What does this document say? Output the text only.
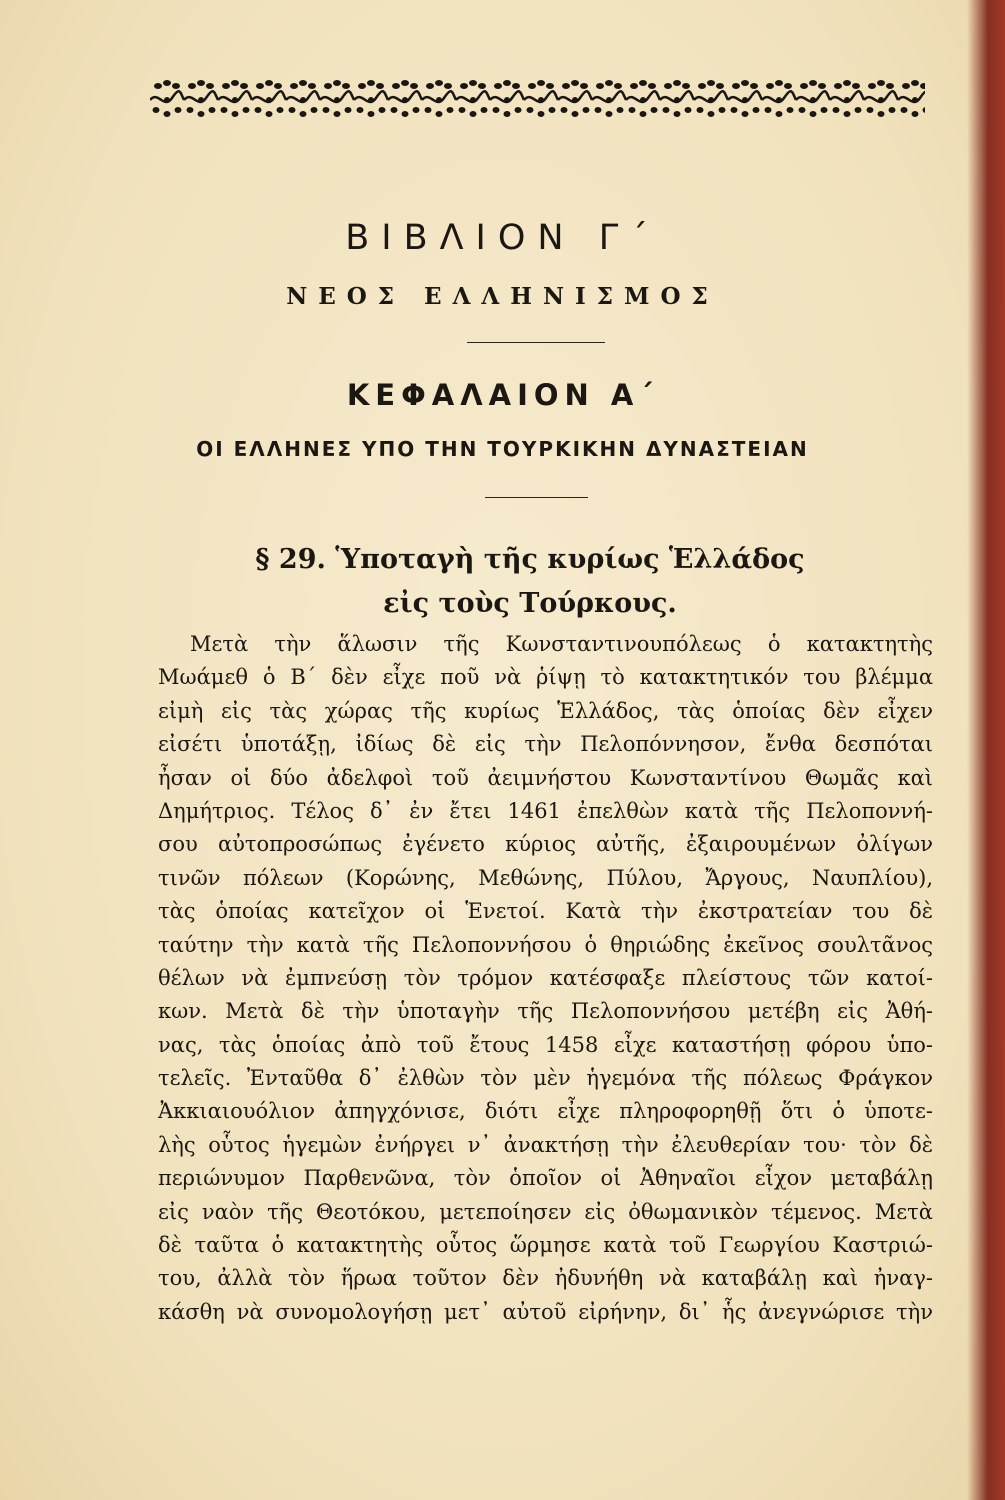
ΒΙΒΛΙΟΝ Γ΄
ΝΕΟΣ ΕΛΛΗΝΙΣΜΟΣ
ΚΕΦΑΛΑΙΟΝ Α΄
ΟΙ ΕΛΛΗΝΕΣ ΥΠΟ ΤΗΝ ΤΟΥΡΚΙΚΗΝ ΔΥΝΑΣΤΕΙΑΝ
§ 29. Ὑποταγὴ τῆς κυρίως Ἑλλάδος
εἰς τοὺς Τούρκους.
Μετὰ τὴν ἅλωσιν τῆς Κωνσταντινουπόλεως ὁ κατακτητὴς
Μωάμεθ ὁ Β΄ δὲν εἶχε ποῦ νὰ ῥίψῃ τὸ κατακτητικόν του βλέμμα
εἰμὴ εἰς τὰς χώρας τῆς κυρίως Ἑλλάδος, τὰς ὁποίας δὲν εἶχεν
εἰσέτι ὑποτάξῃ, ἰδίως δὲ εἰς τὴν Πελοπόννησον, ἔνθα δεσπόται
ἦσαν οἱ δύο ἀδελφοὶ τοῦ ἀειμνήστου Κωνσταντίνου Θωμᾶς καὶ
Δημήτριος. Τέλος δ᾽ ἐν ἔτει 1461 ἐπελθὼν κατὰ τῆς Πελοποννή-
σου αὐτοπροσώπως ἐγένετο κύριος αὐτῆς, ἐξαιρουμένων ὀλίγων
τινῶν πόλεων (Κορώνης, Μεθώνης, Πύλου, Ἄργους, Ναυπλίου),
τὰς ὁποίας κατεῖχον οἱ Ἑνετοί. Κατὰ τὴν ἐκστρατείαν του δὲ
ταύτην τὴν κατὰ τῆς Πελοποννήσου ὁ θηριώδης ἐκεῖνος σουλτᾶνος
θέλων νὰ ἐμπνεύσῃ τὸν τρόμον κατέσφαξε πλείστους τῶν κατοί-
κων. Μετὰ δὲ τὴν ὑποταγὴν τῆς Πελοποννήσου μετέβη εἰς Ἀθή-
νας, τὰς ὁποίας ἀπὸ τοῦ ἔτους 1458 εἶχε καταστήσῃ φόρου ὑπο-
τελεῖς. Ἐνταῦθα δ᾽ ἐλθὼν τὸν μὲν ἡγεμόνα τῆς πόλεως Φράγκον
Ἀκκιαιουόλιον ἀπηγχόνισε, διότι εἶχε πληροφορηθῇ ὅτι ὁ ὑποτε-
λὴς οὗτος ἡγεμὼν ἐνήργει ν᾽ ἀνακτήσῃ τὴν ἐλευθερίαν του· τὸν δὲ
περιώνυμον Παρθενῶνα, τὸν ὁποῖον οἱ Ἀθηναῖοι εἶχον μεταβάλῃ
εἰς ναὸν τῆς Θεοτόκου, μετεποίησεν εἰς ὀθωμανικὸν τέμενος. Μετὰ
δὲ ταῦτα ὁ κατακτητὴς οὗτος ὥρμησε κατὰ τοῦ Γεωργίου Καστριώ-
του, ἀλλὰ τὸν ἥρωα τοῦτον δὲν ἠδυνήθη νὰ καταβάλῃ καὶ ἠναγ-
κάσθη νὰ συνομολογήσῃ μετ᾽ αὐτοῦ εἰρήνην, δι᾽ ἧς ἀνεγνώρισε τὴν
